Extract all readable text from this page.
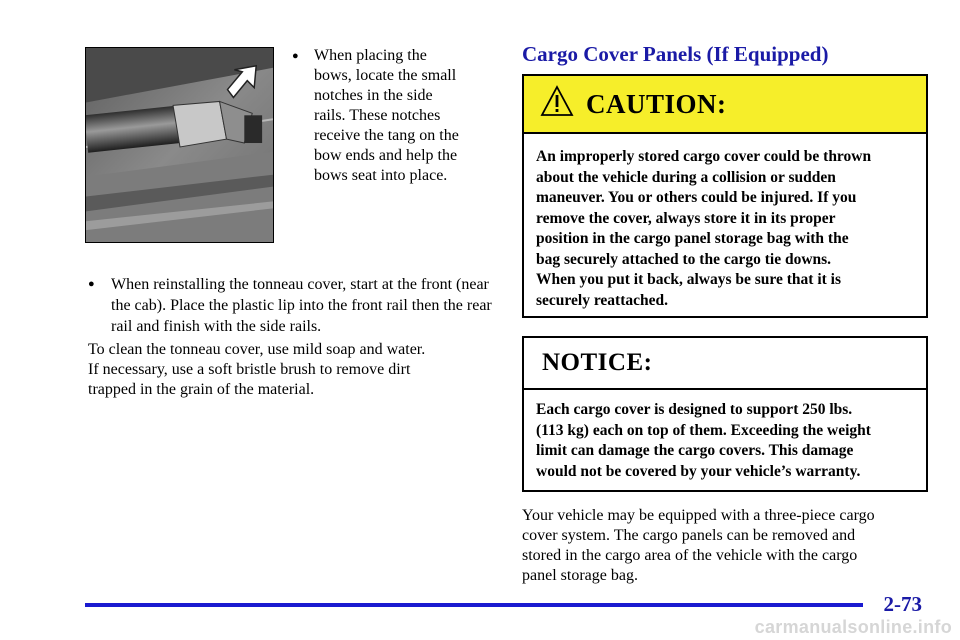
● When placing the
bows, locate the small
notches in the side
rails. These notches
receive the tang on the
bow ends and help the
bows seat into place.
●	When reinstalling the tonneau cover, start at the front (near the cab). Place the plastic lip into the front rail then the rear rail and finish with the side rails.
To clean the tonneau cover, use mild soap and water.
If necessary, use a soft bristle brush to remove dirt
trapped in the grain of the material.
Cargo Cover Panels (If Equipped)
CAUTION:
An improperly stored cargo cover could be thrown
about the vehicle during a collision or sudden
maneuver. You or others could be injured. If you
remove the cover, always store it in its proper
position in the cargo panel storage bag with the
bag securely attached to the cargo tie downs.
When you put it back, always be sure that it is
securely reattached.
NOTICE:
Each cargo cover is designed to support 250 lbs.
(113 kg) each on top of them. Exceeding the weight
limit can damage the cargo covers. This damage
would not be covered by your vehicle’s warranty.
Your vehicle may be equipped with a three-piece cargo
cover system. The cargo panels can be removed and
stored in the cargo area of the vehicle with the cargo
panel storage bag.
2-73
carmanualsonline.info
